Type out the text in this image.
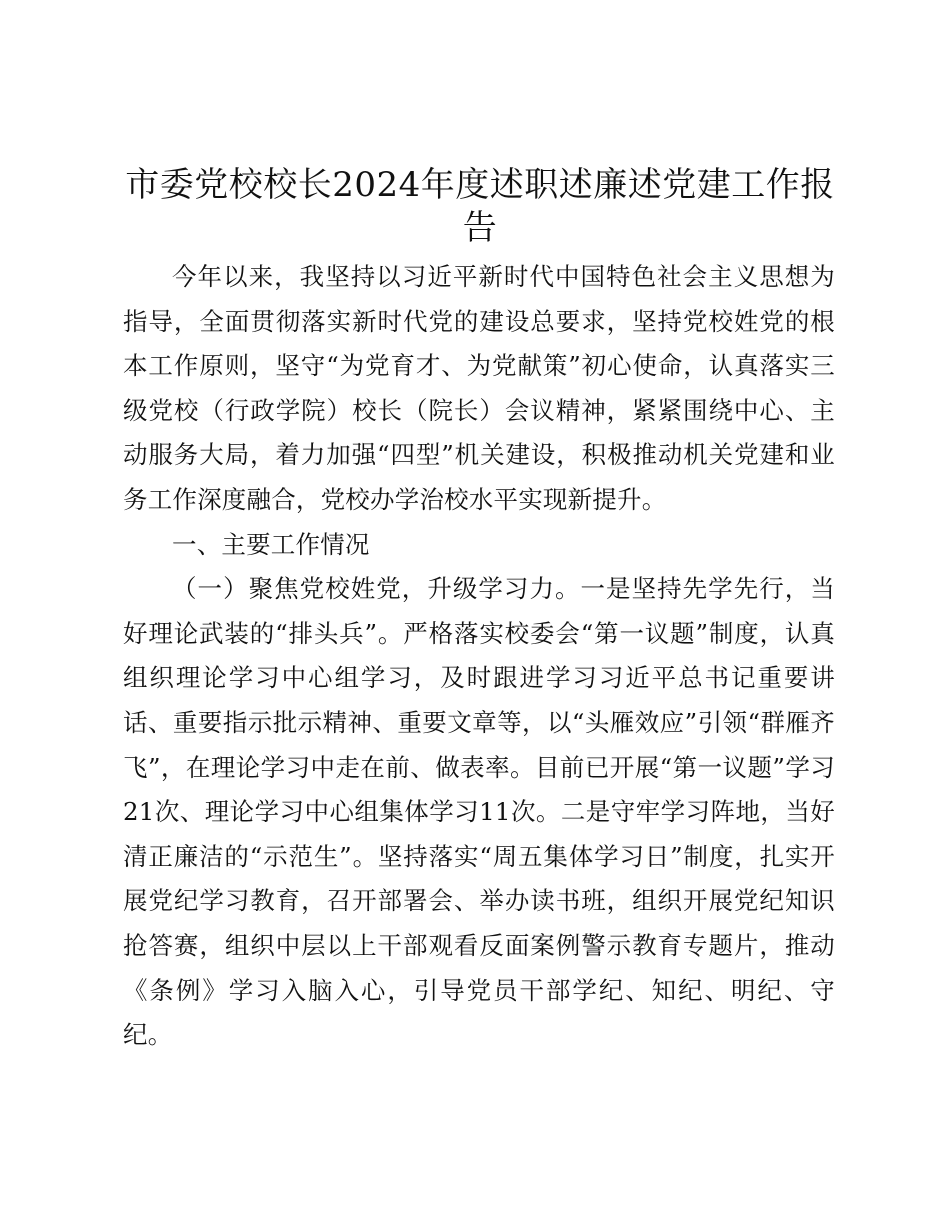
市委党校校长2024年度述职述廉述党建工作报告

今年以来，我坚持以习近平新时代中国特色社会主义思想为指导，全面贯彻落实新时代党的建设总要求，坚持党校姓党的根本工作原则，坚守“为党育才、为党献策”初心使命，认真落实三级党校（行政学院）校长（院长）会议精神，紧紧围绕中心、主动服务大局，着力加强“四型”机关建设，积极推动机关党建和业务工作深度融合，党校办学治校水平实现新提升。

一、主要工作情况

（一）聚焦党校姓党，升级学习力。一是坚持先学先行，当好理论武装的“排头兵”。严格落实校委会“第一议题”制度，认真组织理论学习中心组学习，及时跟进学习习近平总书记重要讲话、重要指示批示精神、重要文章等，以“头雁效应”引领“群雁齐飞”，在理论学习中走在前、做表率。目前已开展“第一议题”学习21次、理论学习中心组集体学习11次。二是守牢学习阵地，当好清正廉洁的“示范生”。坚持落实“周五集体学习日”制度，扎实开展党纪学习教育，召开部署会、举办读书班，组织开展党纪知识抢答赛，组织中层以上干部观看反面案例警示教育专题片，推动《条例》学习入脑入心，引导党员干部学纪、知纪、明纪、守纪。
